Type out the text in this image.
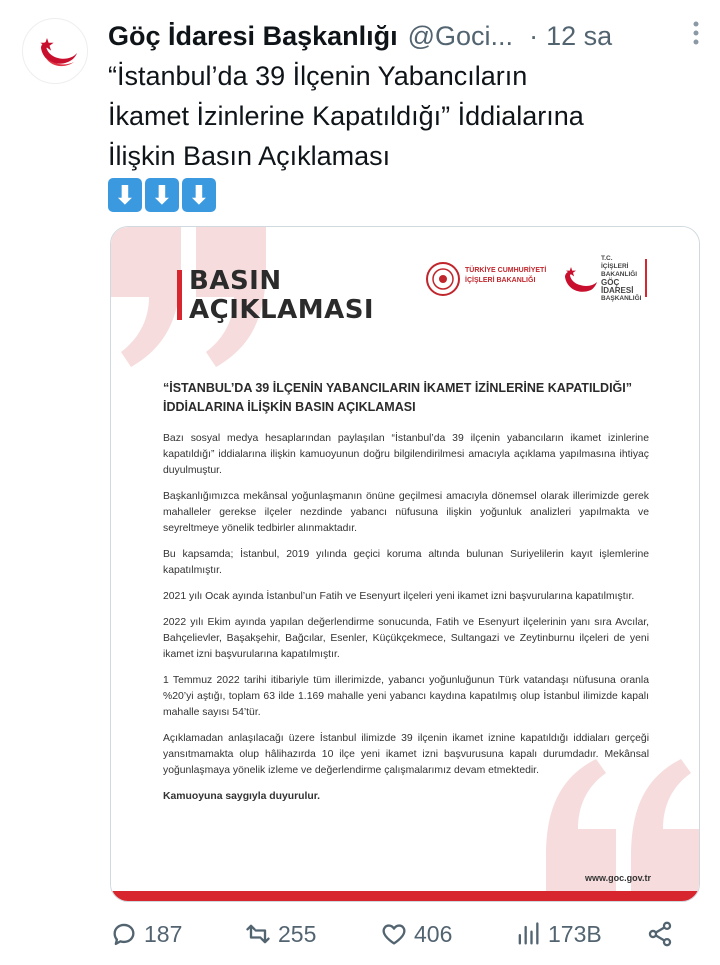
Göç İdaresi Başkanlığı @Goci... · 12 sa
“İstanbul’da 39 İlçenin Yabancıların
İkamet İzinlerine Kapatıldığı” İddialarına
İlişkin Basın Açıklaması
⬇ ⬇ ⬇
BASIN
AÇIKLAMASI
TÜRKİYE CUMHURİYETİ
İÇİŞLERİ BAKANLIĞI
T.C.
İÇİŞLERİ BAKANLIĞI
GÖÇ İDARESİ
BAŞKANLIĞI
“İSTANBUL’DA 39 İLÇENİN YABANCILARIN İKAMET İZİNLERİNE KAPATILDIĞI” İDDİALARINA İLİŞKİN BASIN AÇIKLAMASI

Bazı sosyal medya hesaplarından paylaşılan “İstanbul’da 39 ilçenin yabancıların ikamet izinlerine kapatıldığı” iddialarına ilişkin kamuoyunun doğru bilgilendirilmesi amacıyla açıklama yapılmasına ihtiyaç duyulmuştur.

Başkanlığımızca mekânsal yoğunlaşmanın önüne geçilmesi amacıyla dönemsel olarak illerimizde gerek mahalleler gerekse ilçeler nezdinde yabancı nüfusuna ilişkin yoğunluk analizleri yapılmakta ve seyreltmeye yönelik tedbirler alınmaktadır.

Bu kapsamda; İstanbul, 2019 yılında geçici koruma altında bulunan Suriyelilerin kayıt işlemlerine kapatılmıştır.

2021 yılı Ocak ayında İstanbul’un Fatih ve Esenyurt ilçeleri yeni ikamet izni başvurularına kapatılmıştır.

2022 yılı Ekim ayında yapılan değerlendirme sonucunda, Fatih ve Esenyurt ilçelerinin yanı sıra Avcılar, Bahçelievler, Başakşehir, Bağcılar, Esenler, Küçükçekmece, Sultangazi ve Zeytinburnu ilçeleri de yeni ikamet izni başvurularına kapatılmıştır.

1 Temmuz 2022 tarihi itibariyle tüm illerimizde, yabancı yoğunluğunun Türk vatandaşı nüfusuna oranla %20’yi aştığı, toplam 63 ilde 1.169 mahalle yeni yabancı kaydına kapatılmış olup İstanbul ilimizde kapalı mahalle sayısı 54’tür.

Açıklamadan anlaşılacağı üzere İstanbul ilimizde 39 ilçenin ikamet iznine kapatıldığı iddiaları gerçeği yansıtmamakta olup hâlihazırda 10 ilçe yeni ikamet izni başvurusuna kapalı durumdadır. Mekânsal yoğunlaşmaya yönelik izleme ve değerlendirme çalışmalarımız devam etmektedir.

Kamuoyuna saygıyla duyurulur.

www.goc.gov.tr
187	255	406	173B
